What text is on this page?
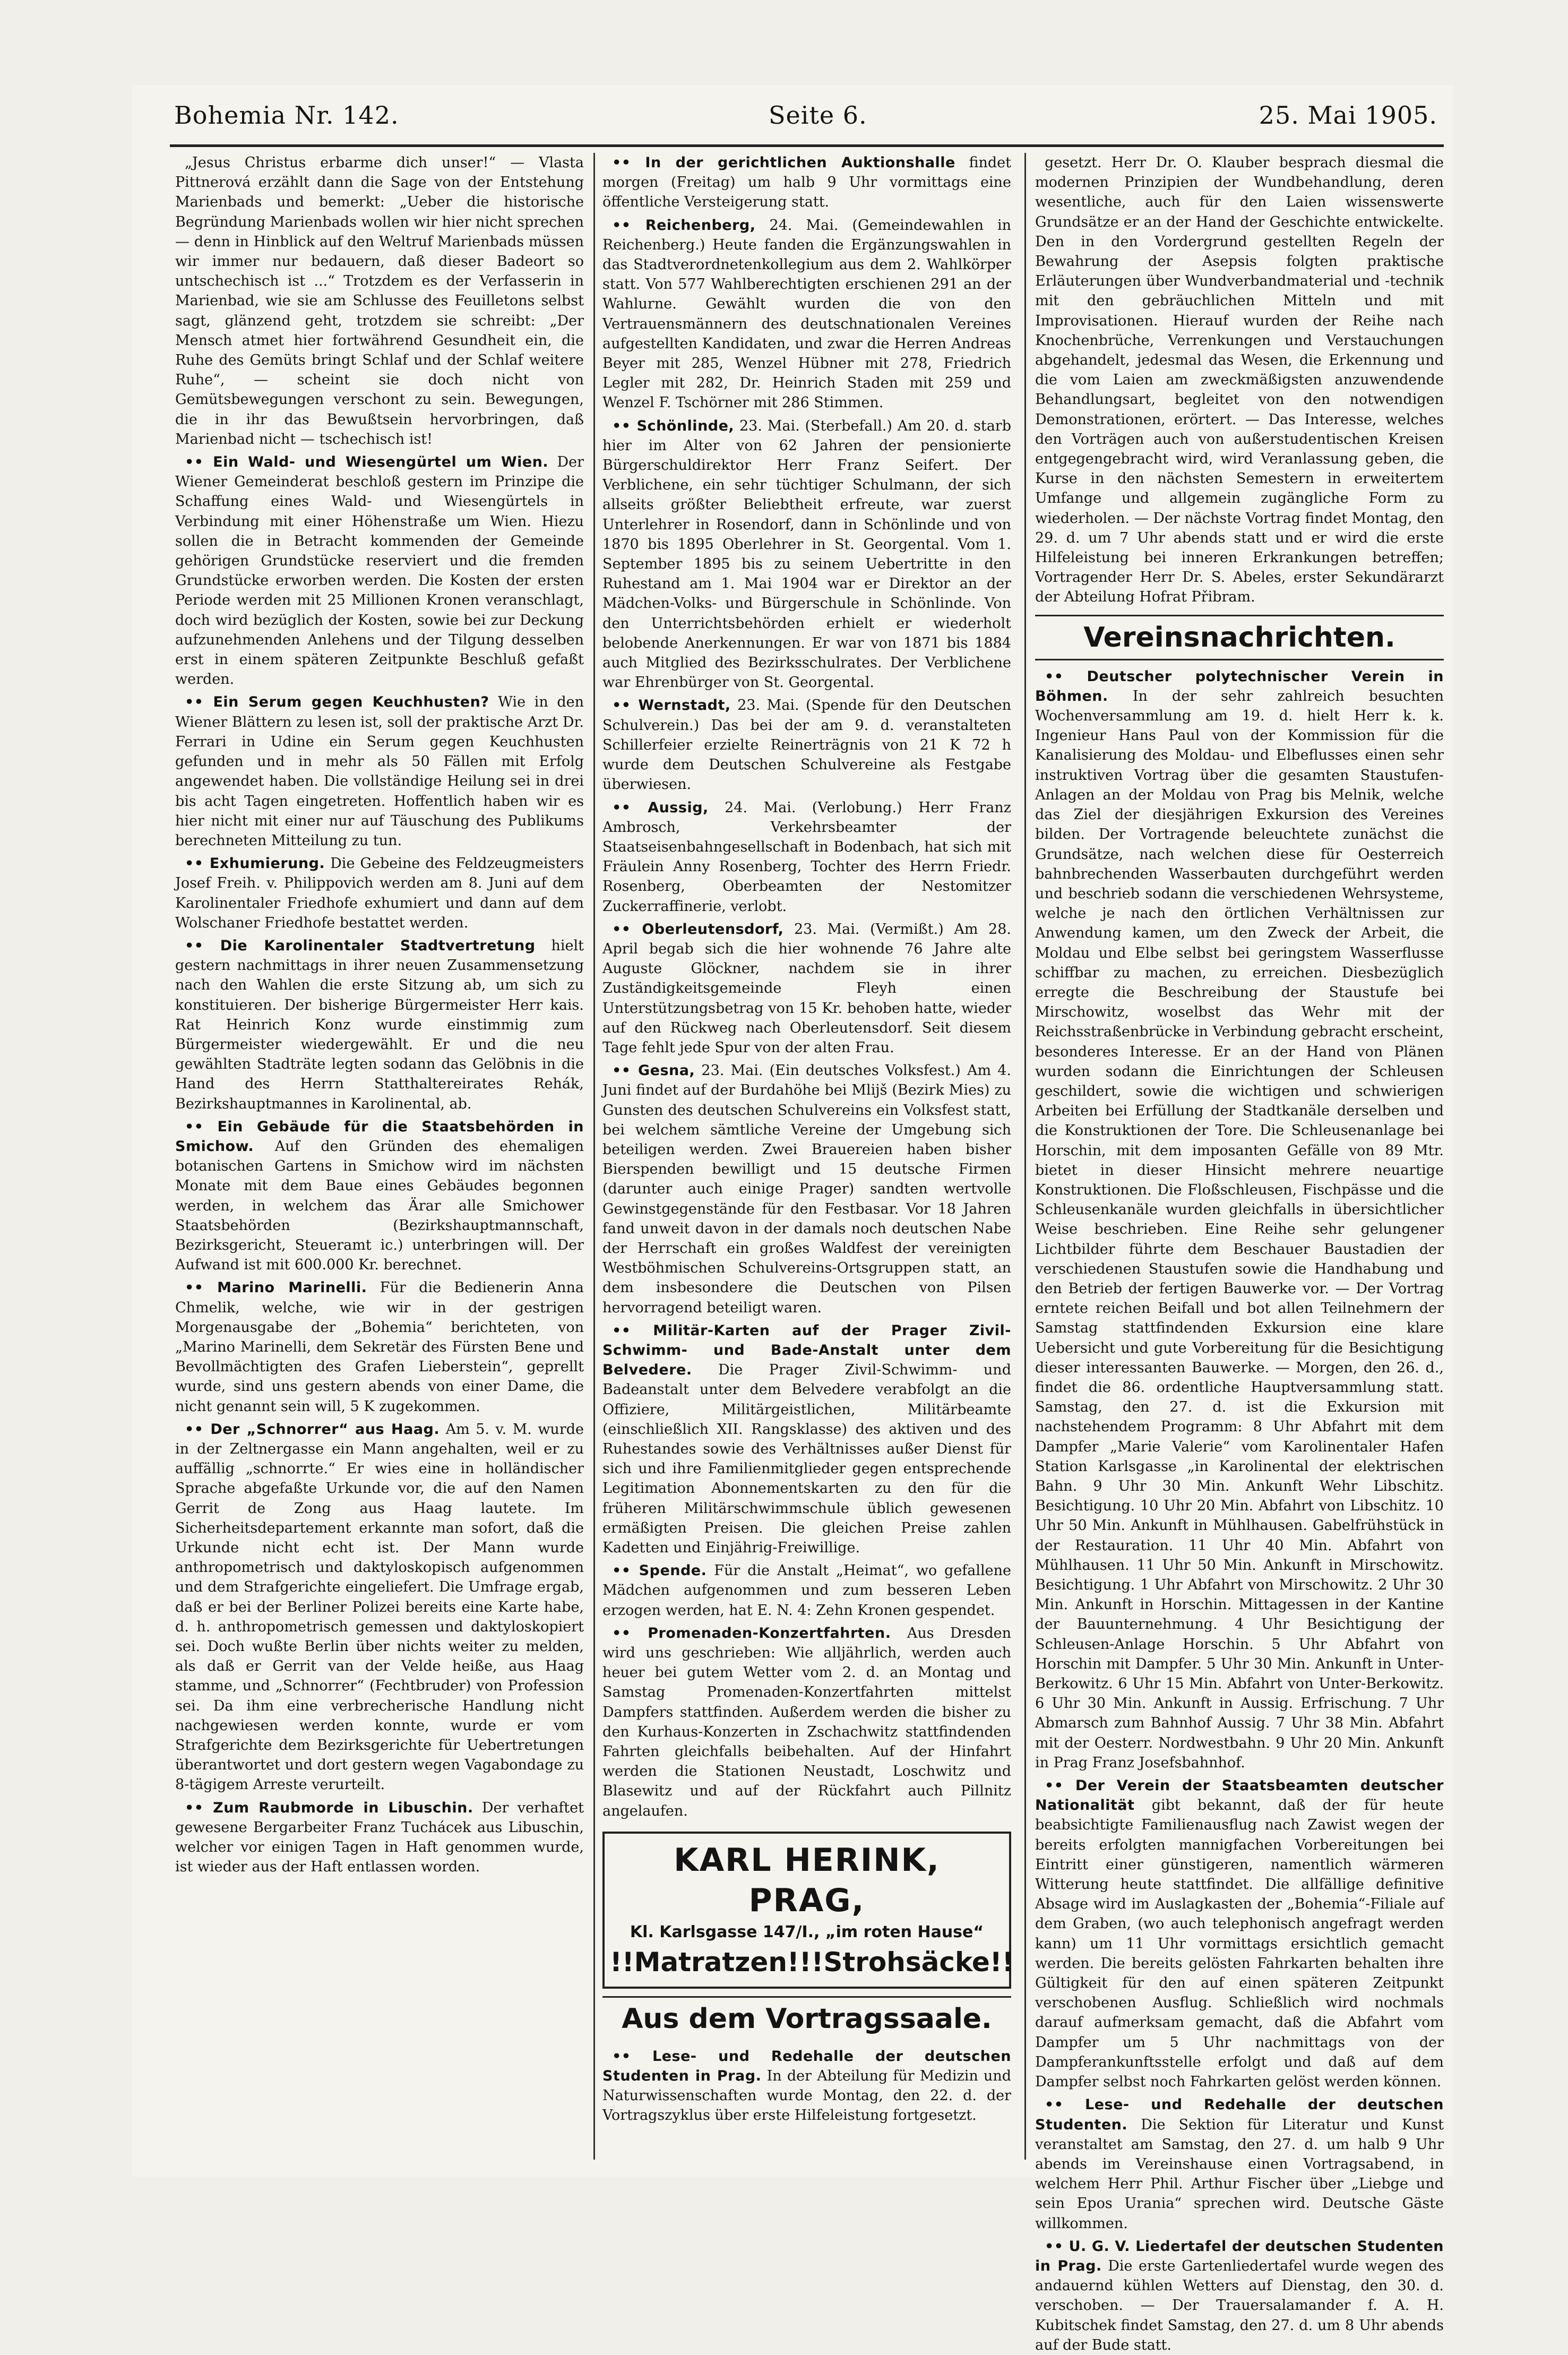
Bohemia Nr. 142.	Seite 6.	25. Mai 1905.

„Jesus Christus erbarme dich unser!“ — Vlasta Pittnerová erzählt dann die Sage von der Entstehung Marienbads und bemerkt: „Ueber die historische Begründung Marienbads wollen wir hier nicht sprechen — denn in Hinblick auf den Weltruf Marienbads müssen wir immer nur bedauern, daß dieser Badeort so untschechisch ist ...“ Trotzdem es der Verfasserin in Marienbad, wie sie am Schlusse des Feuilletons selbst sagt, glänzend geht, trotzdem sie schreibt: „Der Mensch atmet hier fortwährend Gesundheit ein, die Ruhe des Gemüts bringt Schlaf und der Schlaf weitere Ruhe“, — scheint sie doch nicht von Gemütsbewegungen verschont zu sein. Bewegungen, die in ihr das Bewußtsein hervorbringen, daß Marienbad nicht — tschechisch ist!

•• Ein Wald- und Wiesengürtel um Wien. Der Wiener Gemeinderat beschloß gestern im Prinzipe die Schaffung eines Wald- und Wiesengürtels in Verbindung mit einer Höhenstraße um Wien. Hiezu sollen die in Betracht kommenden der Gemeinde gehörigen Grundstücke reserviert und die fremden Grundstücke erworben werden. Die Kosten der ersten Periode werden mit 25 Millionen Kronen veranschlagt, doch wird bezüglich der Kosten, sowie bei zur Deckung aufzunehmenden Anlehens und der Tilgung desselben erst in einem späteren Zeitpunkte Beschluß gefaßt werden.

•• Ein Serum gegen Keuchhusten? Wie in den Wiener Blättern zu lesen ist, soll der praktische Arzt Dr. Ferrari in Udine ein Serum gegen Keuchhusten gefunden und in mehr als 50 Fällen mit Erfolg angewendet haben. Die vollständige Heilung sei in drei bis acht Tagen eingetreten. Hoffentlich haben wir es hier nicht mit einer nur auf Täuschung des Publikums berechneten Mitteilung zu tun.

•• Exhumierung. Die Gebeine des Feldzeugmeisters Josef Freih. v. Philippovich werden am 8. Juni auf dem Karolinentaler Friedhofe exhumiert und dann auf dem Wolschaner Friedhofe bestattet werden.

•• Die Karolinentaler Stadtvertretung hielt gestern nachmittags in ihrer neuen Zusammensetzung nach den Wahlen die erste Sitzung ab, um sich zu konstituieren. Der bisherige Bürgermeister Herr kais. Rat Heinrich Konz wurde einstimmig zum Bürgermeister wiedergewählt. Er und die neu gewählten Stadträte legten sodann das Gelöbnis in die Hand des Herrn Statthaltereirates Rehák, Bezirkshauptmannes in Karolinental, ab.

•• Ein Gebäude für die Staatsbehörden in Smichow. Auf den Gründen des ehemaligen botanischen Gartens in Smichow wird im nächsten Monate mit dem Baue eines Gebäudes begonnen werden, in welchem das Ärar alle Smichower Staatsbehörden (Bezirkshauptmannschaft, Bezirksgericht, Steueramt ic.) unterbringen will. Der Aufwand ist mit 600.000 Kr. berechnet.

•• Marino Marinelli. Für die Bedienerin Anna Chmelik, welche, wie wir in der gestrigen Morgenausgabe der „Bohemia“ berichteten, von „Marino Marinelli, dem Sekretär des Fürsten Bene und Bevollmächtigten des Grafen Lieberstein“, geprellt wurde, sind uns gestern abends von einer Dame, die nicht genannt sein will, 5 K zugekommen.

•• Der „Schnorrer“ aus Haag. Am 5. v. M. wurde in der Zeltnergasse ein Mann angehalten, weil er zu auffällig „schnorrte.“ Er wies eine in holländischer Sprache abgefaßte Urkunde vor, die auf den Namen Gerrit de Zong aus Haag lautete. Im Sicherheitsdepartement erkannte man sofort, daß die Urkunde nicht echt ist. Der Mann wurde anthropometrisch und daktyloskopisch aufgenommen und dem Strafgerichte eingeliefert. Die Umfrage ergab, daß er bei der Berliner Polizei bereits eine Karte habe, d. h. anthropometrisch gemessen und daktyloskopiert sei. Doch wußte Berlin über nichts weiter zu melden, als daß er Gerrit van der Velde heiße, aus Haag stamme, und „Schnorrer“ (Fechtbruder) von Profession sei. Da ihm eine verbrecherische Handlung nicht nachgewiesen werden konnte, wurde er vom Strafgerichte dem Bezirksgerichte für Uebertretungen überantwortet und dort gestern wegen Vagabondage zu 8-tägigem Arreste verurteilt.

•• Zum Raubmorde in Libuschin. Der verhaftet gewesene Bergarbeiter Franz Tuchácek aus Libuschin, welcher vor einigen Tagen in Haft genommen wurde, ist wieder aus der Haft entlassen worden.

•• In der gerichtlichen Auktionshalle findet morgen (Freitag) um halb 9 Uhr vormittags eine öffentliche Versteigerung statt.

•• Reichenberg, 24. Mai. (Gemeindewahlen in Reichenberg.) Heute fanden die Ergänzungswahlen in das Stadtverordnetenkollegium aus dem 2. Wahlkörper statt. Von 577 Wahlberechtigten erschienen 291 an der Wahlurne. Gewählt wurden die von den Vertrauensmännern des deutschnationalen Vereines aufgestellten Kandidaten, und zwar die Herren Andreas Beyer mit 285, Wenzel Hübner mit 278, Friedrich Legler mit 282, Dr. Heinrich Staden mit 259 und Wenzel F. Tschörner mit 286 Stimmen.

•• Schönlinde, 23. Mai. (Sterbefall.) Am 20. d. starb hier im Alter von 62 Jahren der pensionierte Bürgerschuldirektor Herr Franz Seifert. Der Verblichene, ein sehr tüchtiger Schulmann, der sich allseits größter Beliebtheit erfreute, war zuerst Unterlehrer in Rosendorf, dann in Schönlinde und von 1870 bis 1895 Oberlehrer in St. Georgental. Vom 1. September 1895 bis zu seinem Uebertritte in den Ruhestand am 1. Mai 1904 war er Direktor an der Mädchen-Volks- und Bürgerschule in Schönlinde. Von den Unterrichtsbehörden erhielt er wiederholt belobende Anerkennungen. Er war von 1871 bis 1884 auch Mitglied des Bezirksschulrates. Der Verblichene war Ehrenbürger von St. Georgental.

•• Wernstadt, 23. Mai. (Spende für den Deutschen Schulverein.) Das bei der am 9. d. veranstalteten Schillerfeier erzielte Reinerträgnis von 21 K 72 h wurde dem Deutschen Schulvereine als Festgabe überwiesen.

•• Aussig, 24. Mai. (Verlobung.) Herr Franz Ambrosch, Verkehrsbeamter der Staatseisenbahngesellschaft in Bodenbach, hat sich mit Fräulein Anny Rosenberg, Tochter des Herrn Friedr. Rosenberg, Oberbeamten der Nestomitzer Zuckerraffinerie, verlobt.

•• Oberleutensdorf, 23. Mai. (Vermißt.) Am 28. April begab sich die hier wohnende 76 Jahre alte Auguste Glöckner, nachdem sie in ihrer Zuständigkeitsgemeinde Fleyh einen Unterstützungsbetrag von 15 Kr. behoben hatte, wieder auf den Rückweg nach Oberleutensdorf. Seit diesem Tage fehlt jede Spur von der alten Frau.

•• Gesna, 23. Mai. (Ein deutsches Volksfest.) Am 4. Juni findet auf der Burdahöhe bei Mlijš (Bezirk Mies) zu Gunsten des deutschen Schulvereins ein Volksfest statt, bei welchem sämtliche Vereine der Umgebung sich beteiligen werden. Zwei Brauereien haben bisher Bierspenden bewilligt und 15 deutsche Firmen (darunter auch einige Prager) sandten wertvolle Gewinstgegenstände für den Festbasar. Vor 18 Jahren fand unweit davon in der damals noch deutschen Nabe der Herrschaft ein großes Waldfest der vereinigten Westböhmischen Schulvereins-Ortsgruppen statt, an dem insbesondere die Deutschen von Pilsen hervorragend beteiligt waren.

•• Militär-Karten auf der Prager Zivil-Schwimm- und Bade-Anstalt unter dem Belvedere. Die Prager Zivil-Schwimm- und Badeanstalt unter dem Belvedere verabfolgt an die Offiziere, Militärgeistlichen, Militärbeamte (einschließlich XII. Rangsklasse) des aktiven und des Ruhestandes sowie des Verhältnisses außer Dienst für sich und ihre Familienmitglieder gegen entsprechende Legitimation Abonnementskarten zu den für die früheren Militärschwimmschule üblich gewesenen ermäßigten Preisen. Die gleichen Preise zahlen Kadetten und Einjährig-Freiwillige.

•• Spende. Für die Anstalt „Heimat“, wo gefallene Mädchen aufgenommen und zum besseren Leben erzogen werden, hat E. N. 4: Zehn Kronen gespendet.

•• Promenaden-Konzertfahrten. Aus Dresden wird uns geschrieben: Wie alljährlich, werden auch heuer bei gutem Wetter vom 2. d. an Montag und Samstag Promenaden-Konzertfahrten mittelst Dampfers stattfinden. Außerdem werden die bisher zu den Kurhaus-Konzerten in Zschachwitz stattfindenden Fahrten gleichfalls beibehalten. Auf der Hinfahrt werden die Stationen Neustadt, Loschwitz und Blasewitz und auf der Rückfahrt auch Pillnitz angelaufen.

KARL HERINK, PRAG,
Kl. Karlsgasse 147/I., „im roten Hause“
!!Matratzen!!!Strohsäcke!!
Aus dem Vortragssaale.

•• Lese- und Redehalle der deutschen Studenten in Prag. In der Abteilung für Medizin und Naturwissenschaften wurde Montag, den 22. d. der Vortragszyklus über erste Hilfeleistung fortgesetzt.

gesetzt. Herr Dr. O. Klauber besprach diesmal die modernen Prinzipien der Wundbehandlung, deren wesentliche, auch für den Laien wissenswerte Grundsätze er an der Hand der Geschichte entwickelte. Den in den Vordergrund gestellten Regeln der Bewahrung der Asepsis folgten praktische Erläuterungen über Wundverbandmaterial und -technik mit den gebräuchlichen Mitteln und mit Improvisationen. Hierauf wurden der Reihe nach Knochenbrüche, Verrenkungen und Verstauchungen abgehandelt, jedesmal das Wesen, die Erkennung und die vom Laien am zweckmäßigsten anzuwendende Behandlungsart, begleitet von den notwendigen Demonstrationen, erörtert. — Das Interesse, welches den Vorträgen auch von außerstudentischen Kreisen entgegengebracht wird, wird Veranlassung geben, die Kurse in den nächsten Semestern in erweitertem Umfange und allgemein zugängliche Form zu wiederholen. — Der nächste Vortrag findet Montag, den 29. d. um 7 Uhr abends statt und er wird die erste Hilfeleistung bei inneren Erkrankungen betreffen; Vortragender Herr Dr. S. Abeles, erster Sekundärarzt der Abteilung Hofrat Přibram.

Vereinsnachrichten.

•• Deutscher polytechnischer Verein in Böhmen. In der sehr zahlreich besuchten Wochenversammlung am 19. d. hielt Herr k. k. Ingenieur Hans Paul von der Kommission für die Kanalisierung des Moldau- und Elbeflusses einen sehr instruktiven Vortrag über die gesamten Staustufen-Anlagen an der Moldau von Prag bis Melnik, welche das Ziel der diesjährigen Exkursion des Vereines bilden. Der Vortragende beleuchtete zunächst die Grundsätze, nach welchen diese für Oesterreich bahnbrechenden Wasserbauten durchgeführt werden und beschrieb sodann die verschiedenen Wehrsysteme, welche je nach den örtlichen Verhältnissen zur Anwendung kamen, um den Zweck der Arbeit, die Moldau und Elbe selbst bei geringstem Wasserflusse schiffbar zu machen, zu erreichen. Diesbezüglich erregte die Beschreibung der Staustufe bei Mirschowitz, woselbst das Wehr mit der Reichsstraßenbrücke in Verbindung gebracht erscheint, besonderes Interesse. Er an der Hand von Plänen wurden sodann die Einrichtungen der Schleusen geschildert, sowie die wichtigen und schwierigen Arbeiten bei Erfüllung der Stadtkanäle derselben und die Konstruktionen der Tore. Die Schleusenanlage bei Horschin, mit dem imposanten Gefälle von 89 Mtr. bietet in dieser Hinsicht mehrere neuartige Konstruktionen. Die Floßschleusen, Fischpässe und die Schleusenkanäle wurden gleichfalls in übersichtlicher Weise beschrieben. Eine Reihe sehr gelungener Lichtbilder führte dem Beschauer Baustadien der verschiedenen Staustufen sowie die Handhabung und den Betrieb der fertigen Bauwerke vor. — Der Vortrag erntete reichen Beifall und bot allen Teilnehmern der Samstag stattfindenden Exkursion eine klare Uebersicht und gute Vorbereitung für die Besichtigung dieser interessanten Bauwerke. — Morgen, den 26. d., findet die 86. ordentliche Hauptversammlung statt. Samstag, den 27. d. ist die Exkursion mit nachstehendem Programm: 8 Uhr Abfahrt mit dem Dampfer „Marie Valerie“ vom Karolinentaler Hafen Station Karlsgasse „in Karolinental der elektrischen Bahn. 9 Uhr 30 Min. Ankunft Wehr Libschitz. Besichtigung. 10 Uhr 20 Min. Abfahrt von Libschitz. 10 Uhr 50 Min. Ankunft in Mühlhausen. Gabelfrühstück in der Restauration. 11 Uhr 40 Min. Abfahrt von Mühlhausen. 11 Uhr 50 Min. Ankunft in Mirschowitz. Besichtigung. 1 Uhr Abfahrt von Mirschowitz. 2 Uhr 30 Min. Ankunft in Horschin. Mittagessen in der Kantine der Bauunternehmung. 4 Uhr Besichtigung der Schleusen-Anlage Horschin. 5 Uhr Abfahrt von Horschin mit Dampfer. 5 Uhr 30 Min. Ankunft in Unter-Berkowitz. 6 Uhr 15 Min. Abfahrt von Unter-Berkowitz. 6 Uhr 30 Min. Ankunft in Aussig. Erfrischung. 7 Uhr Abmarsch zum Bahnhof Aussig. 7 Uhr 38 Min. Abfahrt mit der Oesterr. Nordwestbahn. 9 Uhr 20 Min. Ankunft in Prag Franz Josefsbahnhof.

•• Der Verein der Staatsbeamten deutscher Nationalität gibt bekannt, daß der für heute beabsichtigte Familienausflug nach Zawist wegen der bereits erfolgten mannigfachen Vorbereitungen bei Eintritt einer günstigeren, namentlich wärmeren Witterung heute stattfindet. Die allfällige definitive Absage wird im Auslagkasten der „Bohemia“-Filiale auf dem Graben, (wo auch telephonisch angefragt werden kann) um 11 Uhr vormittags ersichtlich gemacht werden. Die bereits gelösten Fahrkarten behalten ihre Gültigkeit für den auf einen späteren Zeitpunkt verschobenen Ausflug. Schließlich wird nochmals darauf aufmerksam gemacht, daß die Abfahrt vom Dampfer um 5 Uhr nachmittags von der Dampferankunftsstelle erfolgt und daß auf dem Dampfer selbst noch Fahrkarten gelöst werden können.

•• Lese- und Redehalle der deutschen Studenten. Die Sektion für Literatur und Kunst veranstaltet am Samstag, den 27. d. um halb 9 Uhr abends im Vereinshause einen Vortragsabend, in welchem Herr Phil. Arthur Fischer über „Liebge und sein Epos Urania“ sprechen wird. Deutsche Gäste willkommen.

•• U. G. V. Liedertafel der deutschen Studenten in Prag. Die erste Gartenliedertafel wurde wegen des andauernd kühlen Wetters auf Dienstag, den 30. d. verschoben. — Der Trauersalamander f. A. H. Kubitschek findet Samstag, den 27. d. um 8 Uhr abends auf der Bude statt.
